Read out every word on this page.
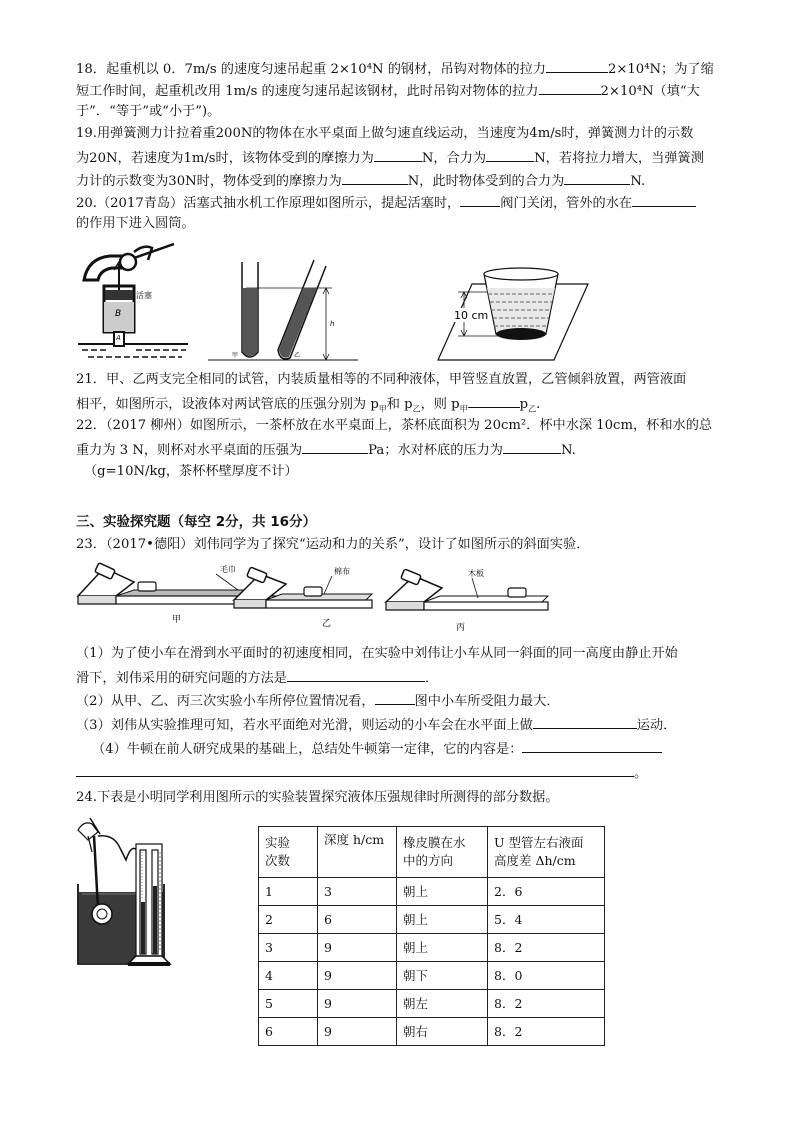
18．起重机以 0．7m/s 的速度匀速吊起重 2×10⁴N 的钢材，吊钩对物体的拉力	2×10⁴N；为了缩
短工作时间，起重机改用 1m/s 的速度匀速吊起该钢材，此时吊钩对物体的拉力	2×10⁴N（填“大
于”．“等于”或“小于”)。
19.用弹簧测力计拉着重200N的物体在水平桌面上做匀速直线运动，当速度为4m/s时，弹簧测力计的示数
为20N，若速度为1m/s时，该物体受到的摩擦力为	N，合力为	N，若将拉力增大，当弹簧测
力计的示数变为30N时，物体受到的摩擦力为	N，此时物体受到的合力为	N.
20.（2017青岛）活塞式抽水机工作原理如图所示，提起活塞时，	阀门关闭，管外的水在
的作用下进入圆筒。
活塞
B
A
h
甲	乙
10 cm
21．甲、乙两支完全相同的试管，内装质量相等的不同种液体，甲管竖直放置，乙管倾斜放置，两管液面
相平，如图所示，设液体对两试管底的压强分别为 $p_甲$和 $p_乙$，则 $p_甲$	$p_乙$.
22．（2017 柳州）如图所示，一茶杯放在水平桌面上，茶杯底面积为 20cm²．杯中水深 10cm，杯和水的总
重力为 3 N，则杯对水平桌面的压强为	Pa；水对杯底的压力为	N.
（g=10N/kg，茶杯杯壁厚度不计）
三、实验探究题（每空 2分，共 16分）
23．（2017•德阳）刘伟同学为了探究“运动和力的关系”，设计了如图所示的斜面实验．
毛巾
甲
棉布
乙
木板
丙
（1）为了使小车在滑到水平面时的初速度相同，在实验中刘伟让小车从同一斜面的同一高度由静止开始
滑下，刘伟采用的研究问题的方法是	．
（2）从甲、乙、丙三次实验小车所停位置情况看，	图中小车所受阻力最大．
（3）刘伟从实验推理可知，若水平面绝对光滑，则运动的小车会在水平面上做	运动．
（4）牛顿在前人研究成果的基础上，总结处牛顿第一定律，它的内容是：
。
24.下表是小明同学利用图所示的实验装置探究液体压强规律时所测得的部分数据。
实验
次数	深度 h/cm	橡皮膜在水
中的方向	U 型管左右液面
高度差 Δh/cm
1	3	朝上	2．6
2	6	朝上	5．4
3	9	朝上	8．2
4	9	朝下	8．0
5	9	朝左	8．2
6	9	朝右	8．2
